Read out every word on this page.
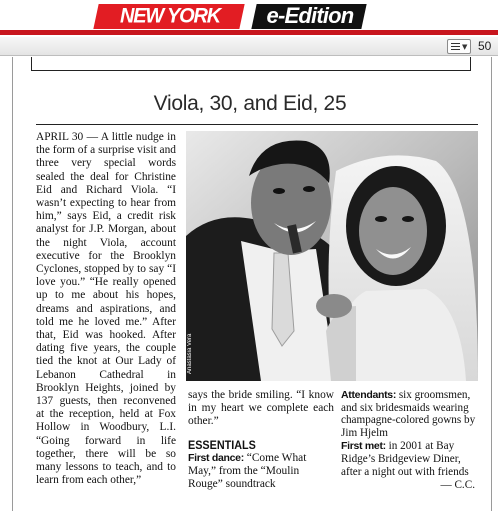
NEW YORK	e-Edition
▼ 50
Viola, 30, and Eid, 25
APRIL 30 — A little nudge in the form of a surprise visit and three very special words sealed the deal for Christine Eid and Richard Viola. “I wasn’t expecting to hear from him,” says Eid, a credit risk analyst for J.P. Morgan, about the night Viola, account executive for the Brooklyn Cyclones, stopped by to say “I love you.” “He really opened up to me about his hopes, dreams and aspirations, and told me he loved me.” After that, Eid was hooked. After dating five years, the couple tied the knot at Our Lady of Lebanon Cathedral in Brooklyn Heights, joined by 137 guests, then reconvened at the reception, held at Fox Hollow in Woodbury, L.I. “Going forward in life together, there will be so many lessons to teach, and to learn from each other,”
Anastasia Vera
says the bride smiling. “I know in my heart we complete each other.”
ESSENTIALS
First dance: “Come What May,” from the “Moulin Rouge” soundtrack

Attendants: six groomsmen, and six bridesmaids wearing champagne-colored gowns by Jim Hjelm

First met: in 2001 at Bay Ridge’s Bridgeview Diner, after a night out with friends

— C.C.
